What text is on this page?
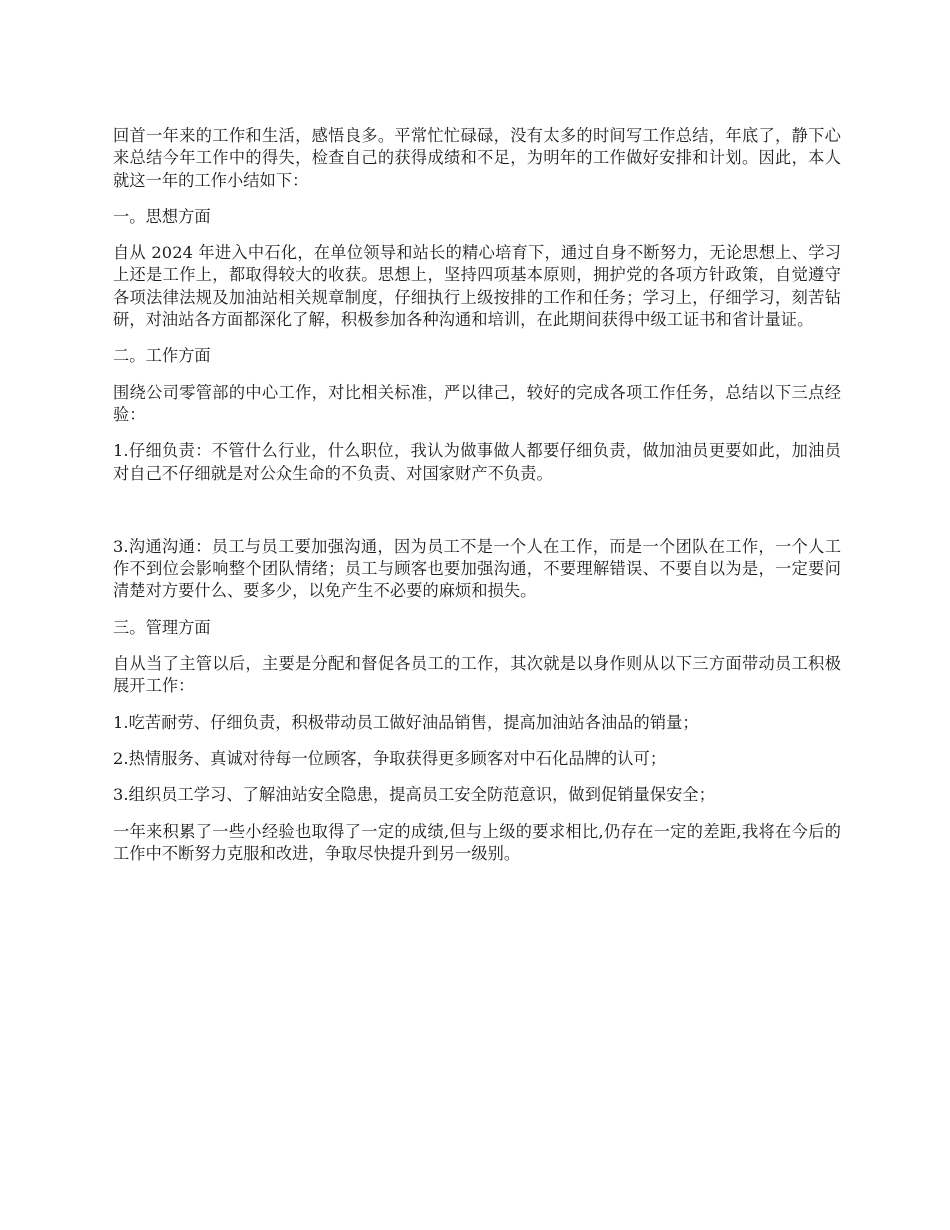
回首一年来的工作和生活，感悟良多。平常忙忙碌碌，没有太多的时间写工作总结，年底了，静下心来总结今年工作中的得失，检查自己的获得成绩和不足，为明年的工作做好安排和计划。因此，本人就这一年的工作小结如下：

一。思想方面

自从 2024 年进入中石化，在单位领导和站长的精心培育下，通过自身不断努力，无论思想上、学习上还是工作上，都取得较大的收获。思想上，坚持四项基本原则，拥护党的各项方针政策，自觉遵守各项法律法规及加油站相关规章制度，仔细执行上级按排的工作和任务；学习上，仔细学习，刻苦钻研，对油站各方面都深化了解，积极参加各种沟通和培训，在此期间获得中级工证书和省计量证。

二。工作方面

围绕公司零管部的中心工作，对比相关标准，严以律己，较好的完成各项工作任务，总结以下三点经验：

1.仔细负责：不管什么行业，什么职位，我认为做事做人都要仔细负责，做加油员更要如此，加油员对自己不仔细就是对公众生命的不负责、对国家财产不负责。

3.沟通沟通：员工与员工要加强沟通，因为员工不是一个人在工作，而是一个团队在工作，一个人工作不到位会影响整个团队情绪；员工与顾客也要加强沟通，不要理解错误、不要自以为是，一定要问清楚对方要什么、要多少，以免产生不必要的麻烦和损失。

三。管理方面

自从当了主管以后，主要是分配和督促各员工的工作，其次就是以身作则从以下三方面带动员工积极展开工作：

1.吃苦耐劳、仔细负责，积极带动员工做好油品销售，提高加油站各油品的销量；

2.热情服务、真诚对待每一位顾客，争取获得更多顾客对中石化品牌的认可；

3.组织员工学习、了解油站安全隐患，提高员工安全防范意识，做到促销量保安全；

一年来积累了一些小经验也取得了一定的成绩,但与上级的要求相比,仍存在一定的差距,我将在今后的工作中不断努力克服和改进，争取尽快提升到另一级别。
